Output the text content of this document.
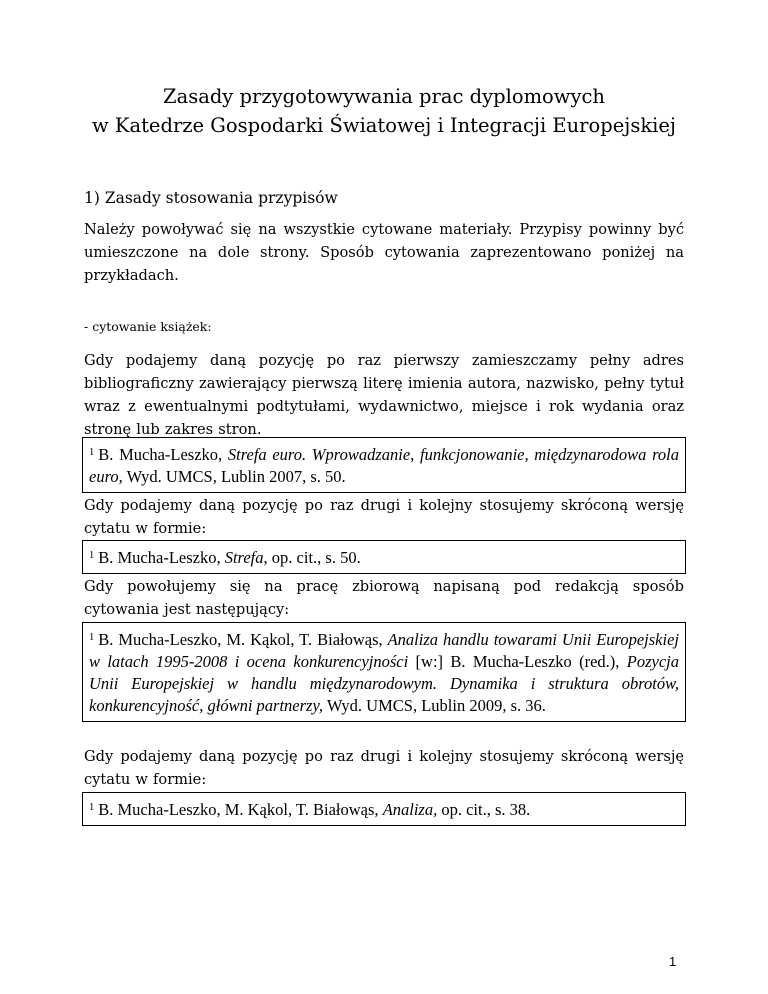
Zasady przygotowywania prac dyplomowych
w Katedrze Gospodarki Światowej i Integracji Europejskiej
1) Zasady stosowania przypisów

Należy powoływać się na wszystkie cytowane materiały. Przypisy powinny być umieszczone na dole strony. Sposób cytowania zaprezentowano poniżej na przykładach.

- cytowanie książek:

Gdy podajemy daną pozycję po raz pierwszy zamieszczamy pełny adres bibliograficzny zawierający pierwszą literę imienia autora, nazwisko, pełny tytuł wraz z ewentualnymi podtytułami, wydawnictwo, miejsce i rok wydania oraz stronę lub zakres stron.

$^1$ B. Mucha-Leszko, Strefa euro. Wprowadzanie, funkcjonowanie, międzynarodowa rola euro, Wyd. UMCS, Lublin 2007, s. 50.

Gdy podajemy daną pozycję po raz drugi i kolejny stosujemy skróconą wersję cytatu w formie:

$^1$ B. Mucha-Leszko, Strefa, op. cit., s. 50.

Gdy powołujemy się na pracę zbiorową napisaną pod redakcją sposób cytowania jest następujący:

$^1$ B. Mucha-Leszko, M. Kąkol, T. Białowąs, Analiza handlu towarami Unii Europejskiej w latach 1995-2008 i ocena konkurencyjności [w:] B. Mucha-Leszko (red.), Pozycja Unii Europejskiej w handlu międzynarodowym. Dynamika i struktura obrotów, konkurencyjność, główni partnerzy, Wyd. UMCS, Lublin 2009, s. 36.

Gdy podajemy daną pozycję po raz drugi i kolejny stosujemy skróconą wersję cytatu w formie:

$^1$ B. Mucha-Leszko, M. Kąkol, T. Białowąs, Analiza, op. cit., s. 38.
1
